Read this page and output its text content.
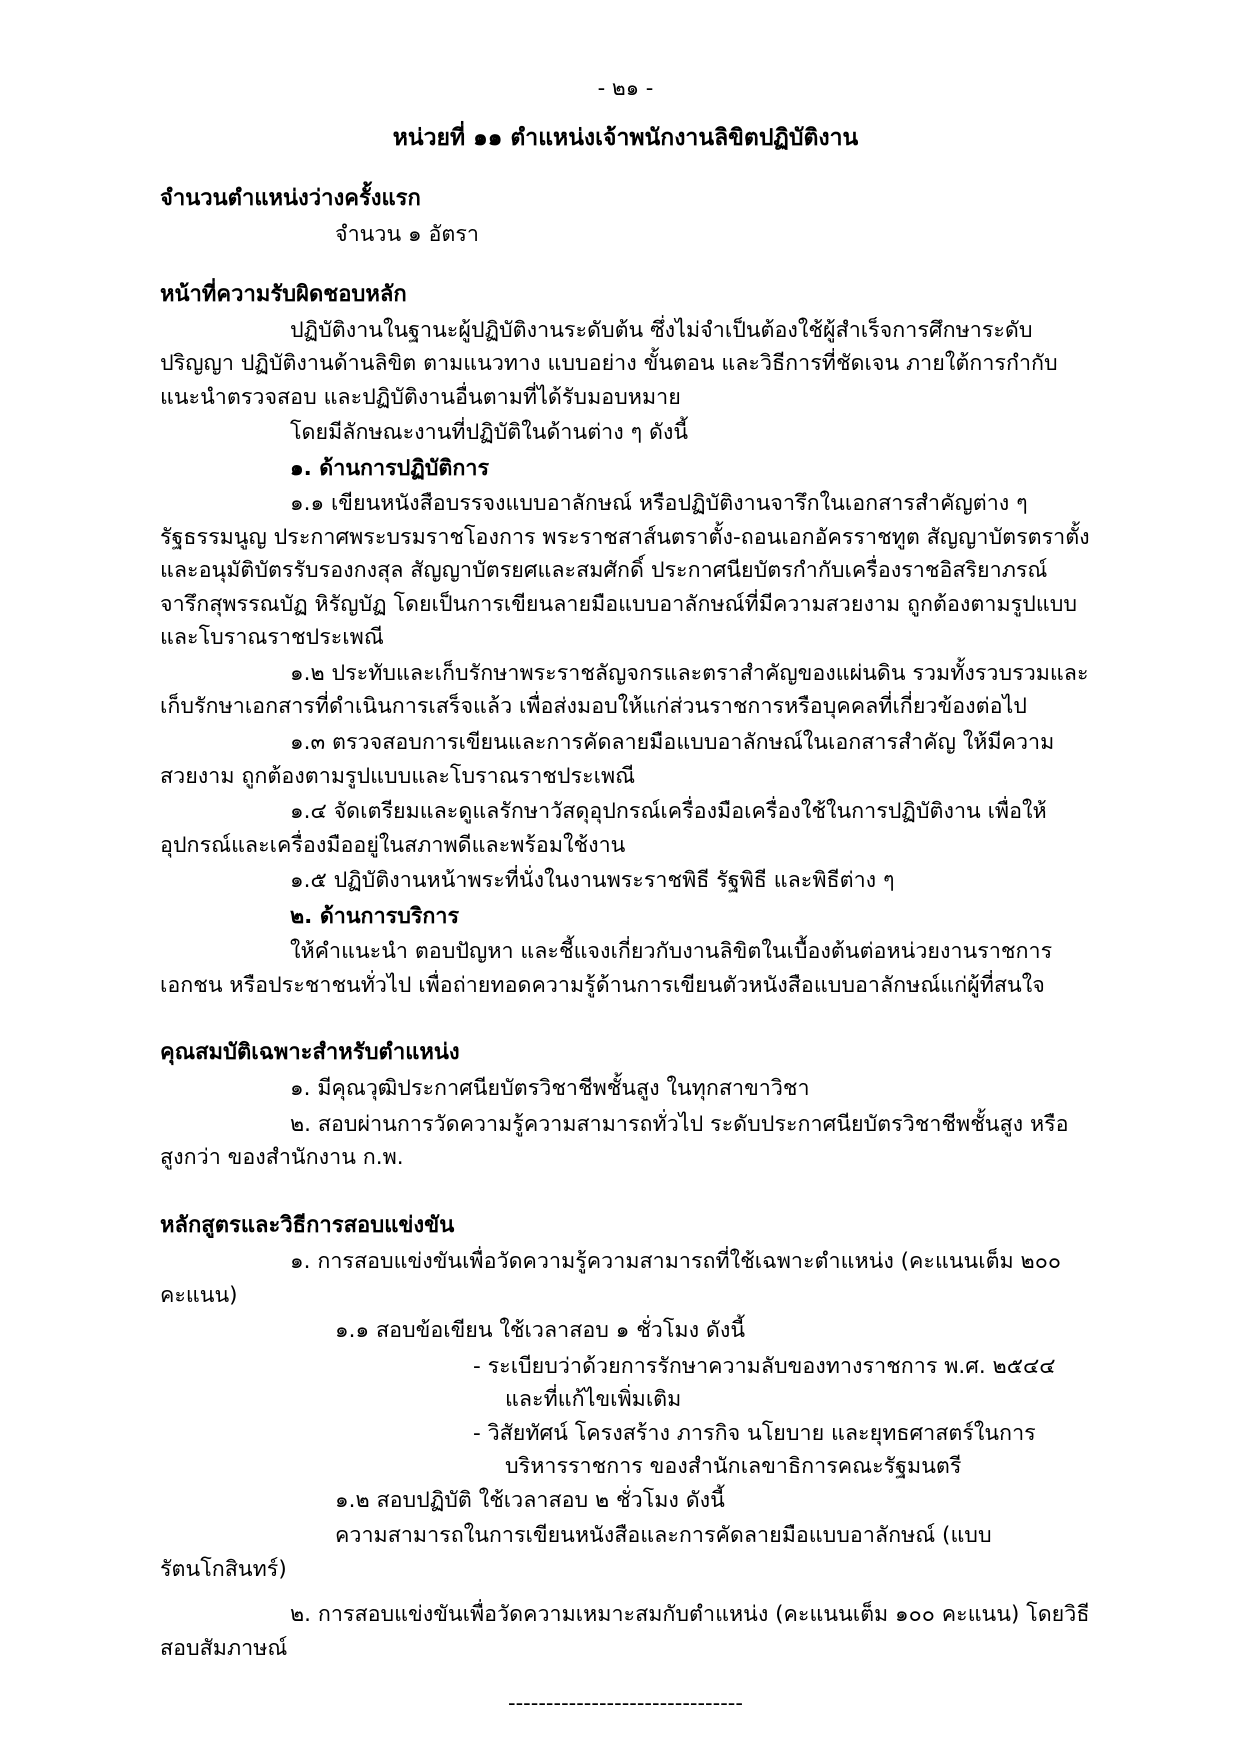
- ๒๑ -
หน่วยที่ ๑๑ ตำแหน่งเจ้าพนักงานลิขิตปฏิบัติงาน
จำนวนตำแหน่งว่างครั้งแรก

จำนวน ๑ อัตรา

หน้าที่ความรับผิดชอบหลัก

ปฏิบัติงานในฐานะผู้ปฏิบัติงานระดับต้น ซึ่งไม่จำเป็นต้องใช้ผู้สำเร็จการศึกษาระดับปริญญา ปฏิบัติงานด้านลิขิต ตามแนวทาง แบบอย่าง ขั้นตอน และวิธีการที่ชัดเจน ภายใต้การกำกับ แนะนำตรวจสอบ และปฏิบัติงานอื่นตามที่ได้รับมอบหมาย

โดยมีลักษณะงานที่ปฏิบัติในด้านต่าง ๆ ดังนี้

๑. ด้านการปฏิบัติการ

๑.๑ เขียนหนังสือบรรจงแบบอาลักษณ์ หรือปฏิบัติงานจารึกในเอกสารสำคัญต่าง ๆ รัฐธรรมนูญ ประกาศพระบรมราชโองการ พระราชสาส์นตราตั้ง-ถอนเอกอัครราชทูต สัญญาบัตรตราตั้งและอนุมัติบัตรรับรองกงสุล สัญญาบัตรยศและสมศักดิ์ ประกาศนียบัตรกำกับเครื่องราชอิสริยาภรณ์ จารึกสุพรรณบัฏ หิรัญบัฏ โดยเป็นการเขียนลายมือแบบอาลักษณ์ที่มีความสวยงาม ถูกต้องตามรูปแบบและโบราณราชประเพณี

๑.๒ ประทับและเก็บรักษาพระราชลัญจกรและตราสำคัญของแผ่นดิน รวมทั้งรวบรวมและเก็บรักษาเอกสารที่ดำเนินการเสร็จแล้ว เพื่อส่งมอบให้แก่ส่วนราชการหรือบุคคลที่เกี่ยวข้องต่อไป

๑.๓ ตรวจสอบการเขียนและการคัดลายมือแบบอาลักษณ์ในเอกสารสำคัญ ให้มีความสวยงาม ถูกต้องตามรูปแบบและโบราณราชประเพณี

๑.๔ จัดเตรียมและดูแลรักษาวัสดุอุปกรณ์เครื่องมือเครื่องใช้ในการปฏิบัติงาน เพื่อให้อุปกรณ์และเครื่องมืออยู่ในสภาพดีและพร้อมใช้งาน

๑.๕ ปฏิบัติงานหน้าพระที่นั่งในงานพระราชพิธี รัฐพิธี และพิธีต่าง ๆ

๒. ด้านการบริการ

ให้คำแนะนำ ตอบปัญหา และชี้แจงเกี่ยวกับงานลิขิตในเบื้องต้นต่อหน่วยงานราชการ เอกชน หรือประชาชนทั่วไป เพื่อถ่ายทอดความรู้ด้านการเขียนตัวหนังสือแบบอาลักษณ์แก่ผู้ที่สนใจ

คุณสมบัติเฉพาะสำหรับตำแหน่ง

๑. มีคุณวุฒิประกาศนียบัตรวิชาชีพชั้นสูง ในทุกสาขาวิชา

๒. สอบผ่านการวัดความรู้ความสามารถทั่วไป ระดับประกาศนียบัตรวิชาชีพชั้นสูง หรือสูงกว่า ของสำนักงาน ก.พ.

หลักสูตรและวิธีการสอบแข่งขัน

๑. การสอบแข่งขันเพื่อวัดความรู้ความสามารถที่ใช้เฉพาะตำแหน่ง (คะแนนเต็ม ๒๐๐ คะแนน)

๑.๑ สอบข้อเขียน ใช้เวลาสอบ ๑ ชั่วโมง ดังนี้

- ระเบียบว่าด้วยการรักษาความลับของทางราชการ พ.ศ. ๒๕๔๔ และที่แก้ไขเพิ่มเติม

- วิสัยทัศน์ โครงสร้าง ภารกิจ นโยบาย และยุทธศาสตร์ในการบริหารราชการ ของสำนักเลขาธิการคณะรัฐมนตรี

๑.๒ สอบปฏิบัติ ใช้เวลาสอบ ๒ ชั่วโมง ดังนี้

ความสามารถในการเขียนหนังสือและการคัดลายมือแบบอาลักษณ์ (แบบรัตนโกสินทร์)

๒. การสอบแข่งขันเพื่อวัดความเหมาะสมกับตำแหน่ง (คะแนนเต็ม ๑๐๐ คะแนน) โดยวิธีสอบสัมภาษณ์

-------------------------------
